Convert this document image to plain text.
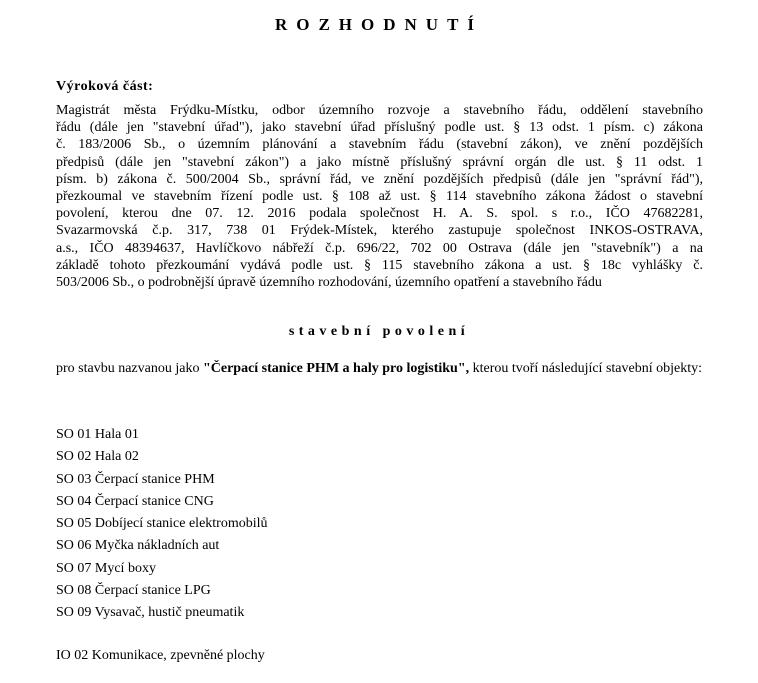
ROZHODNUTÍ
Výroková část:
Magistrát města Frýdku-Místku, odbor územního rozvoje a stavebního řádu, oddělení stavebního
řádu (dále jen "stavební úřad"), jako stavební úřad příslušný podle ust. § 13 odst. 1 písm. c) zákona
č. 183/2006 Sb., o územním plánování a stavebním řádu (stavební zákon), ve znění pozdějších
předpisů (dále jen "stavební zákon") a jako místně příslušný správní orgán dle ust. § 11 odst. 1
písm. b) zákona č. 500/2004 Sb., správní řád, ve znění pozdějších předpisů (dále jen "správní řád"),
přezkoumal ve stavebním řízení podle ust. § 108 až ust. § 114 stavebního zákona žádost o stavební
povolení, kterou dne 07. 12. 2016 podala společnost H. A. S. spol. s r.o., IČO 47682281,
Svazarmovská č.p. 317, 738 01 Frýdek-Místek, kterého zastupuje společnost INKOS-OSTRAVA,
a.s., IČO 48394637, Havlíčkovo nábřeží č.p. 696/22, 702 00 Ostrava (dále jen "stavebník") a na
základě tohoto přezkoumání vydává podle ust. § 115 stavebního zákona a ust. § 18c vyhlášky č.
503/2006 Sb., o podrobnější úpravě územního rozhodování, územního opatření a stavebního řádu
stavební povolení

pro stavbu nazvanou jako "Čerpací stanice PHM a haly pro logistiku", kterou tvoří následující stavební objekty:

SO 01 Hala 01
SO 02 Hala 02
SO 03 Čerpací stanice PHM
SO 04 Čerpací stanice CNG
SO 05 Dobíjecí stanice elektromobilů
SO 06 Myčka nákladních aut
SO 07 Mycí boxy
SO 08 Čerpací stanice LPG
SO 09 Vysavač, hustič pneumatik
IO 02 Komunikace, zpevněné plochy
